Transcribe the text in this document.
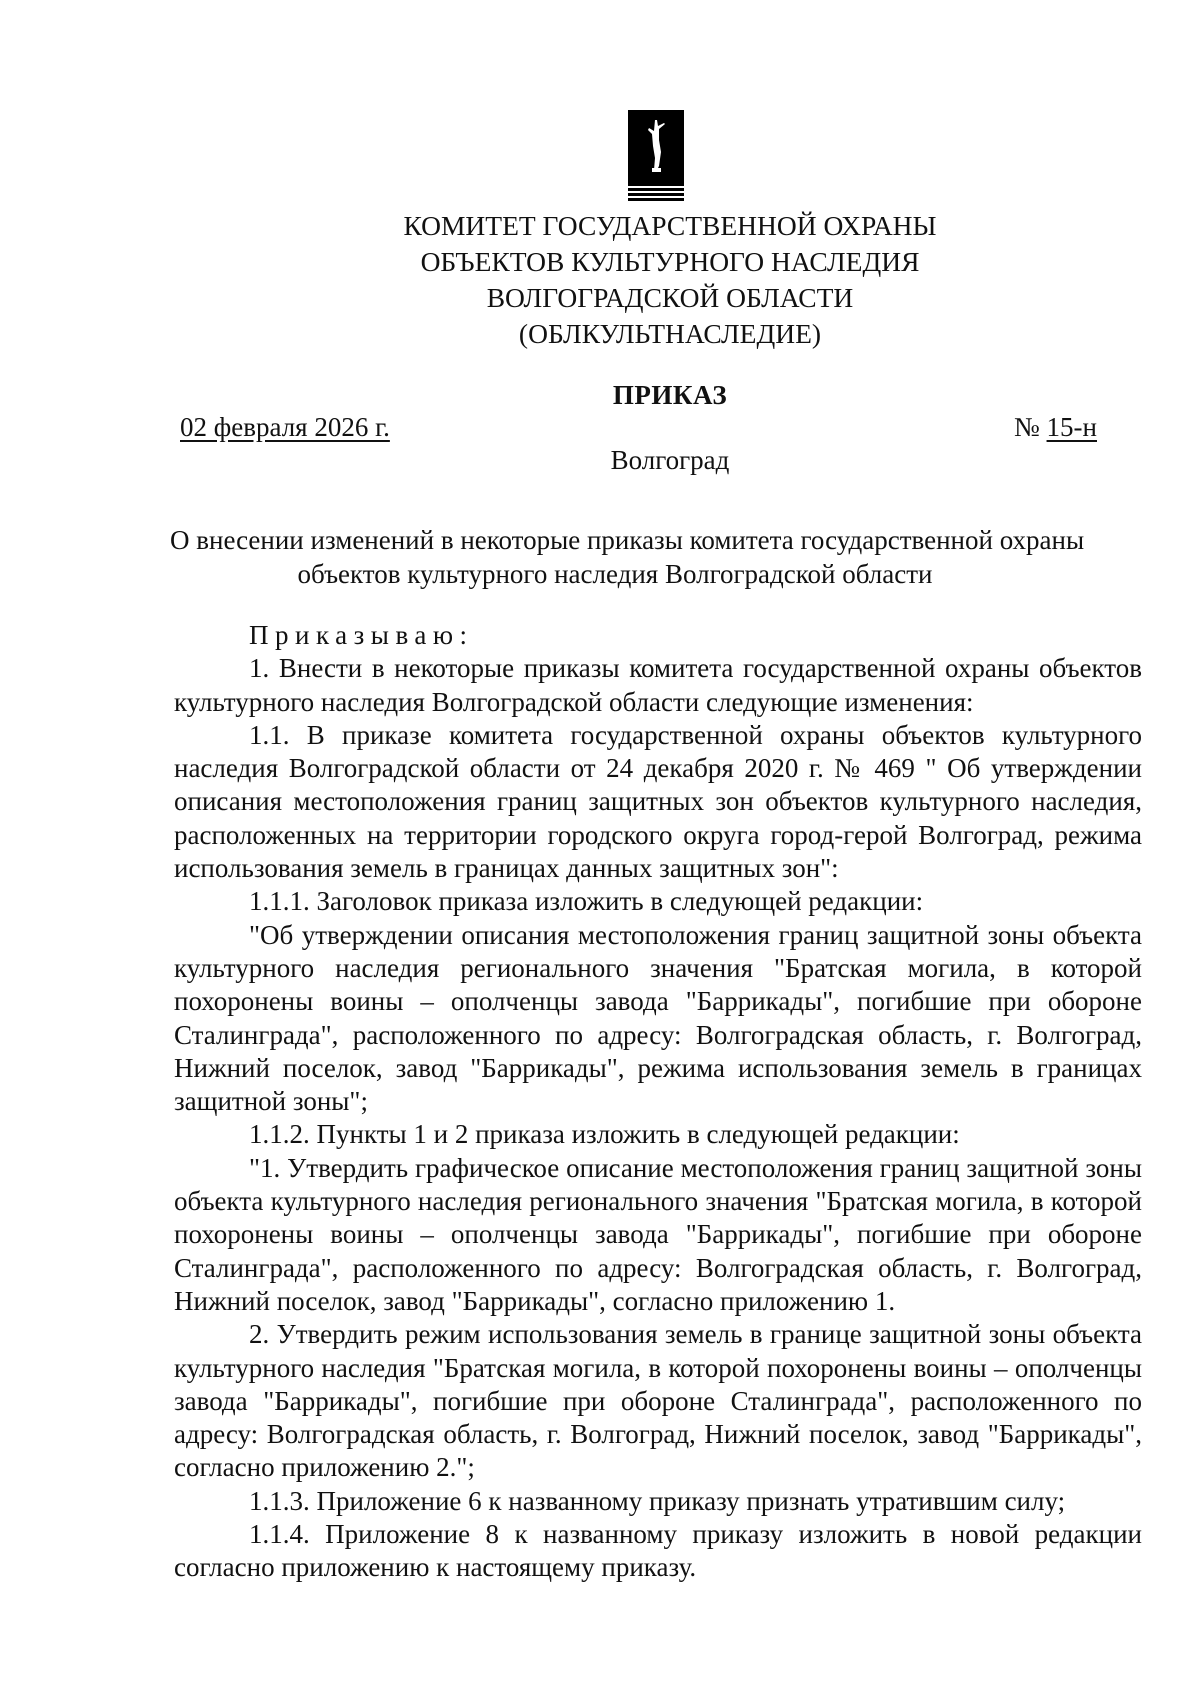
КОМИТЕТ ГОСУДАРСТВЕННОЙ ОХРАНЫ
ОБЪЕКТОВ КУЛЬТУРНОГО НАСЛЕДИЯ
ВОЛГОГРАДСКОЙ ОБЛАСТИ
(ОБЛКУЛЬТНАСЛЕДИЕ)
ПРИКАЗ
02 февраля 2026 г.	№ 15-н
Волгоград
О внесении изменений в некоторые приказы комитета государственной охраны
объектов культурного наследия Волгоградской области

Приказываю:

1. Внести в некоторые приказы комитета государственной охраны объектов культурного наследия Волгоградской области следующие изменения:

1.1. В приказе комитета государственной охраны объектов культурного наследия Волгоградской области от 24 декабря 2020 г. № 469 " Об утверждении описания местоположения границ защитных зон объектов культурного наследия, расположенных на территории городского округа город-герой Волгоград, режима использования земель в границах данных защитных зон":

1.1.1. Заголовок приказа изложить в следующей редакции:

"Об утверждении описания местоположения границ защитной зоны объекта культурного наследия регионального значения "Братская могила, в которой похоронены воины – ополченцы завода "Баррикады", погибшие при обороне Сталинграда", расположенного по адресу: Волгоградская область, г. Волгоград, Нижний поселок, завод "Баррикады", режима использования земель в границах защитной зоны";

1.1.2. Пункты 1 и 2 приказа изложить в следующей редакции:

"1. Утвердить графическое описание местоположения границ защитной зоны объекта культурного наследия регионального значения "Братская могила, в которой похоронены воины – ополченцы завода "Баррикады", погибшие при обороне Сталинграда", расположенного по адресу: Волгоградская область, г. Волгоград, Нижний поселок, завод "Баррикады", согласно приложению 1.

2. Утвердить режим использования земель в границе защитной зоны объекта культурного наследия "Братская могила, в которой похоронены воины – ополченцы завода "Баррикады", погибшие при обороне Сталинграда", расположенного по адресу: Волгоградская область, г. Волгоград, Нижний поселок, завод "Баррикады", согласно приложению 2.";

1.1.3. Приложение 6 к названному приказу признать утратившим силу;

1.1.4. Приложение 8 к названному приказу изложить в новой редакции согласно приложению к настоящему приказу.
